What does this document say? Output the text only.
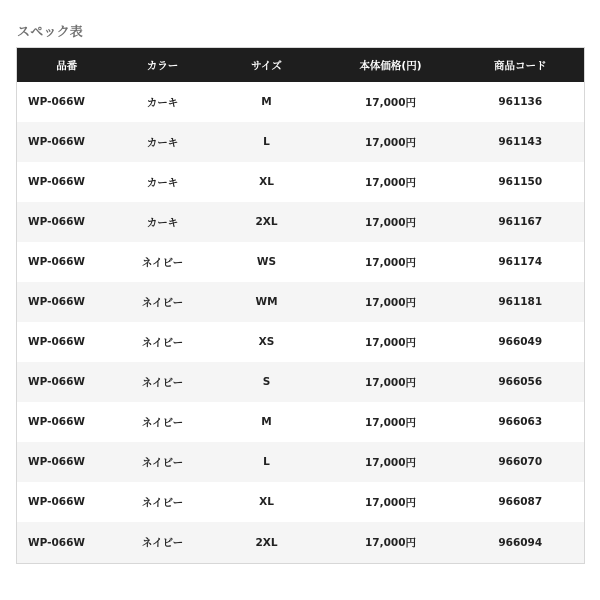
スペック表
品番	カラー	サイズ	本体価格(円)	商品コード
WP-066W	カーキ	M	17,000円	961136
WP-066W	カーキ	L	17,000円	961143
WP-066W	カーキ	XL	17,000円	961150
WP-066W	カーキ	2XL	17,000円	961167
WP-066W	ネイビー	WS	17,000円	961174
WP-066W	ネイビー	WM	17,000円	961181
WP-066W	ネイビー	XS	17,000円	966049
WP-066W	ネイビー	S	17,000円	966056
WP-066W	ネイビー	M	17,000円	966063
WP-066W	ネイビー	L	17,000円	966070
WP-066W	ネイビー	XL	17,000円	966087
WP-066W	ネイビー	2XL	17,000円	966094
